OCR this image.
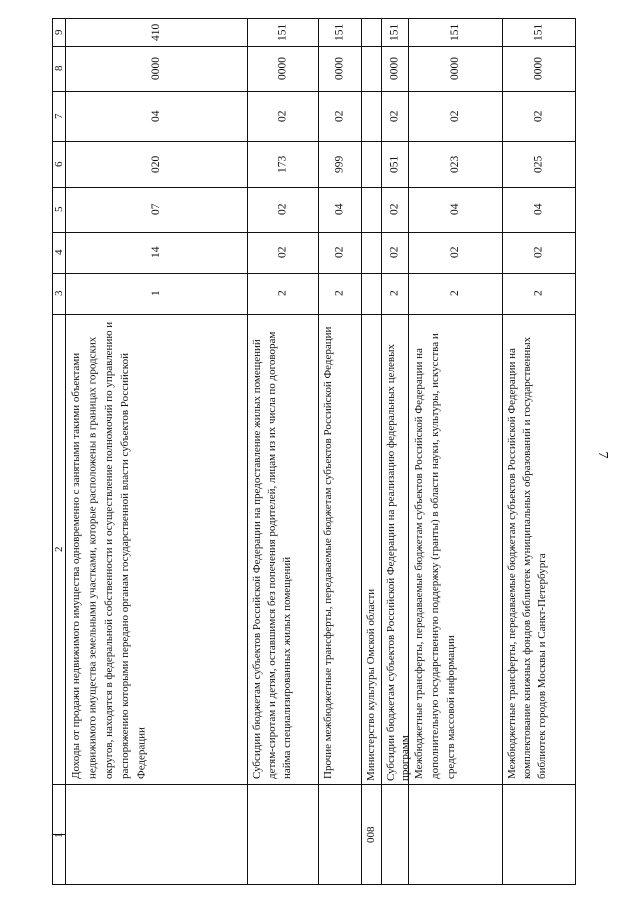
7
9
8
7
6
5
4
3
2
1
410
0000
04
020
07
14
1
Доходы от продажи недвижимого имущества одновременно с занятыми такими объектами недвижимого имущества земельными участками, которые расположены в границах городских округов, находятся в федеральной собственности и осуществление полномочий по управлению и распоряжению которыми передано органам государственной власти субъектов Российской Федерации
151
0000
02
173
02
02
2
Субсидии бюджетам субъектов Российской Федерации на предоставление жилых помещений детям-сиротам и детям, оставшимся без попечения родителей, лицам из их числа по договорам найма специализированных жилых помещений
151
0000
02
999
04
02
2
Прочие межбюджетные трансферты, передаваемые бюджетам субъектов Российской Федерации
008
Министерство культуры Омской области
151
0000
02
051
02
02
2
Субсидии бюджетам субъектов Российской Федерации на реализацию федеральных целевых программ
151
0000
02
023
04
02
2
Межбюджетные трансферты, передаваемые бюджетам субъектов Российской Федерации на дополнительную государственную поддержку (гранты) в области науки, культуры, искусства и средств массовой информации
151
0000
02
025
04
02
2
Межбюджетные трансферты, передаваемые бюджетам субъектов Российской Федерации на комплектование книжных фондов библиотек муниципальных образований и государственных библиотек городов Москвы и Санкт-Петербурга
